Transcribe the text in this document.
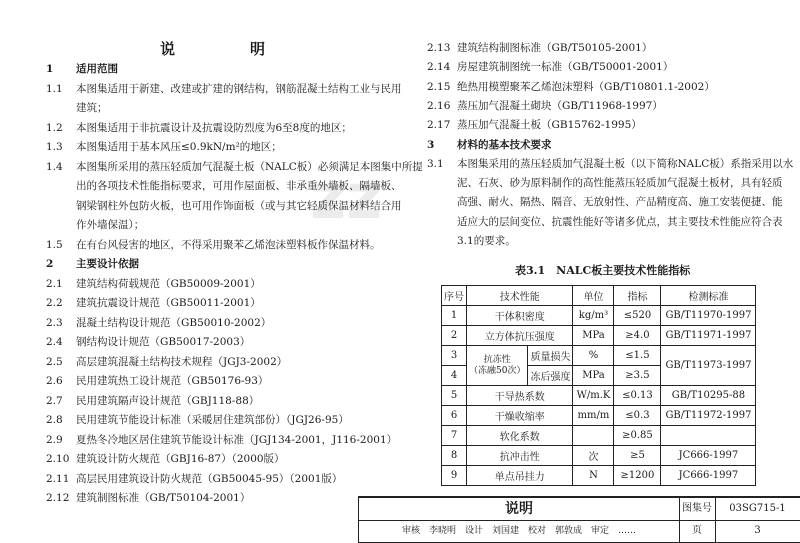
说　明
zz
1 适用范围
1.1 本图集适用于新建、改建或扩建的钢结构，钢筋混凝土结构工业与民用
建筑；
1.2 本图集适用于非抗震设计及抗震设防烈度为6至8度的地区；
1.3 本图集适用于基本风压≤0.9kN/m²的地区；
1.4 本图集所采用的蒸压轻质加气混凝土板（NALC板）必须满足本图集中所提
出的各项技术性能指标要求，可用作屋面板、非承重外墙板、隔墙板、
钢梁钢柱外包防火板，也可用作饰面板（或与其它轻质保温材料结合用
作外墙保温）；
1.5 在有台风侵害的地区，不得采用聚苯乙烯泡沫塑料板作保温材料。
2 主要设计依据
2.1 建筑结构荷载规范（GB50009-2001）
2.2 建筑抗震设计规范（GB50011-2001）
2.3 混凝土结构设计规范（GB50010-2002）
2.4 钢结构设计规范（GB50017-2003）
2.5 高层建筑混凝土结构技术规程（JGJ3-2002）
2.6 民用建筑热工设计规范（GB50176-93）
2.7 民用建筑隔声设计规范（GBJ118-88）
2.8 民用建筑节能设计标准（采暖居住建筑部份）（JGJ26-95）
2.9 夏热冬冷地区居住建筑节能设计标准（JGJ134-2001，J116-2001）
2.10 建筑设计防火规范（GBJ16-87）（2000版）
2.11 高层民用建筑设计防火规范（GB50045-95）（2001版）
2.12 建筑制图标准（GB/T50104-2001）
2.13 建筑结构制图标准（GB/T50105-2001）
2.14 房屋建筑制图统一标准（GB/T50001-2001）
2.15 绝热用模塑聚苯乙烯泡沫塑料（GB/T10801.1-2002）
2.16 蒸压加气混凝土砌块（GB/T11968-1997）
2.17 蒸压加气混凝土板（GB15762-1995）
3 材料的基本技术要求
3.1 本图集采用的蒸压轻质加气混凝土板（以下简称NALC板）系指采用以水
泥、石灰、砂为原料制作的高性能蒸压轻质加气混凝土板材，具有轻质
高强、耐火、隔热、隔音、无放射性、产品精度高、施工安装便捷、能
适应大的层间变位、抗震性能好等诸多优点，其主要技术性能应符合表
3.1的要求。
表3.1　NALC板主要技术性能指标
序号	技术性能		单位	指标	检测标准
1	干体积密度		kg/m³	≤520	GB/T11970-1997
2	立方体抗压强度		MPa	≥4.0	GB/T11971-1997
3	抗冻性
（冻融50次）	质量损失	%	≤1.5	GB/T11973-1997
4		冻后强度	MPa	≥3.5	
5	干导热系数		W/m.K	≤0.13	GB/T10295-88
6	干燥收缩率		mm/m	≤0.3	GB/T11972-1997
7	软化系数			≥0.85	
8	抗冲击性		次	≥5	JC666-1997
9	单点吊挂力		N	≥1200	JC666-1997
说明	图集号	03SG715-1
审核　李晓明　设计　刘国建　校对　郭敦成　审定　……	页	3
